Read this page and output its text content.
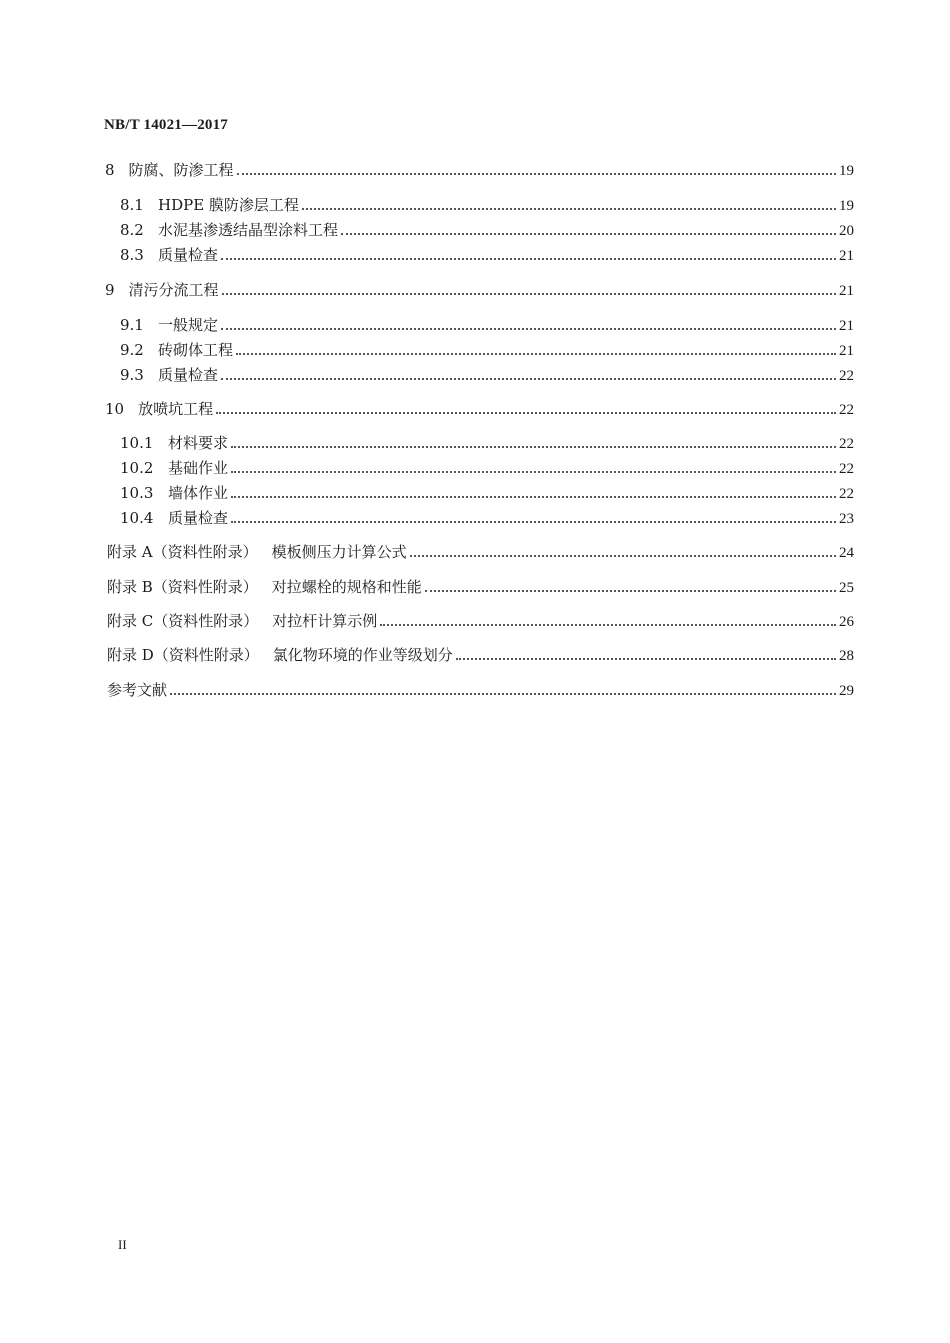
NB/T 14021—2017
8 防腐、防渗工程	19
8.1 HDPE 膜防渗层工程	19
8.2 水泥基渗透结晶型涂料工程	20
8.3 质量检查	21
9 清污分流工程	21
9.1 一般规定	21
9.2 砖砌体工程	21
9.3 质量检查	22
10 放喷坑工程	22
10.1 材料要求	22
10.2 基础作业	22
10.3 墙体作业	22
10.4 质量检查	23
附录 A（资料性附录） 模板侧压力计算公式	24
附录 B（资料性附录） 对拉螺栓的规格和性能	25
附录 C（资料性附录） 对拉杆计算示例	26
附录 D（资料性附录） 氯化物环境的作业等级划分	28
参考文献	29
II
